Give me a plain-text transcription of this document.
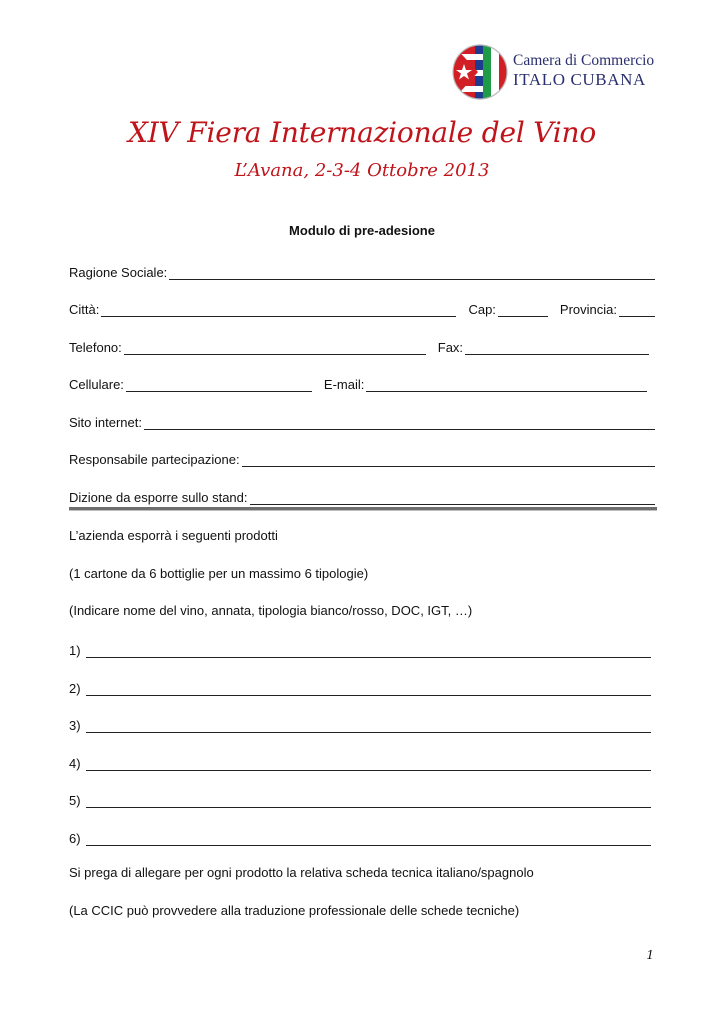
Camera di Commercio
ITALO CUBANA
XIV Fiera Internazionale del Vino
L’Avana, 2-3-4 Ottobre 2013
Modulo di pre-adesione
Ragione Sociale:
Città:	Cap:	Provincia:
Telefono:	Fax:
Cellulare:	E-mail:
Sito internet:
Responsabile partecipazione:
Dizione da esporre sullo stand:
L’azienda esporrà i seguenti prodotti
(1 cartone da 6 bottiglie per un massimo 6 tipologie)
(Indicare nome del vino, annata, tipologia bianco/rosso, DOC, IGT, …)
1)
2)
3)
4)
5)
6)
Si prega di allegare per ogni prodotto la relativa scheda tecnica italiano/spagnolo
(La CCIC può provvedere alla traduzione professionale delle schede tecniche)
1
